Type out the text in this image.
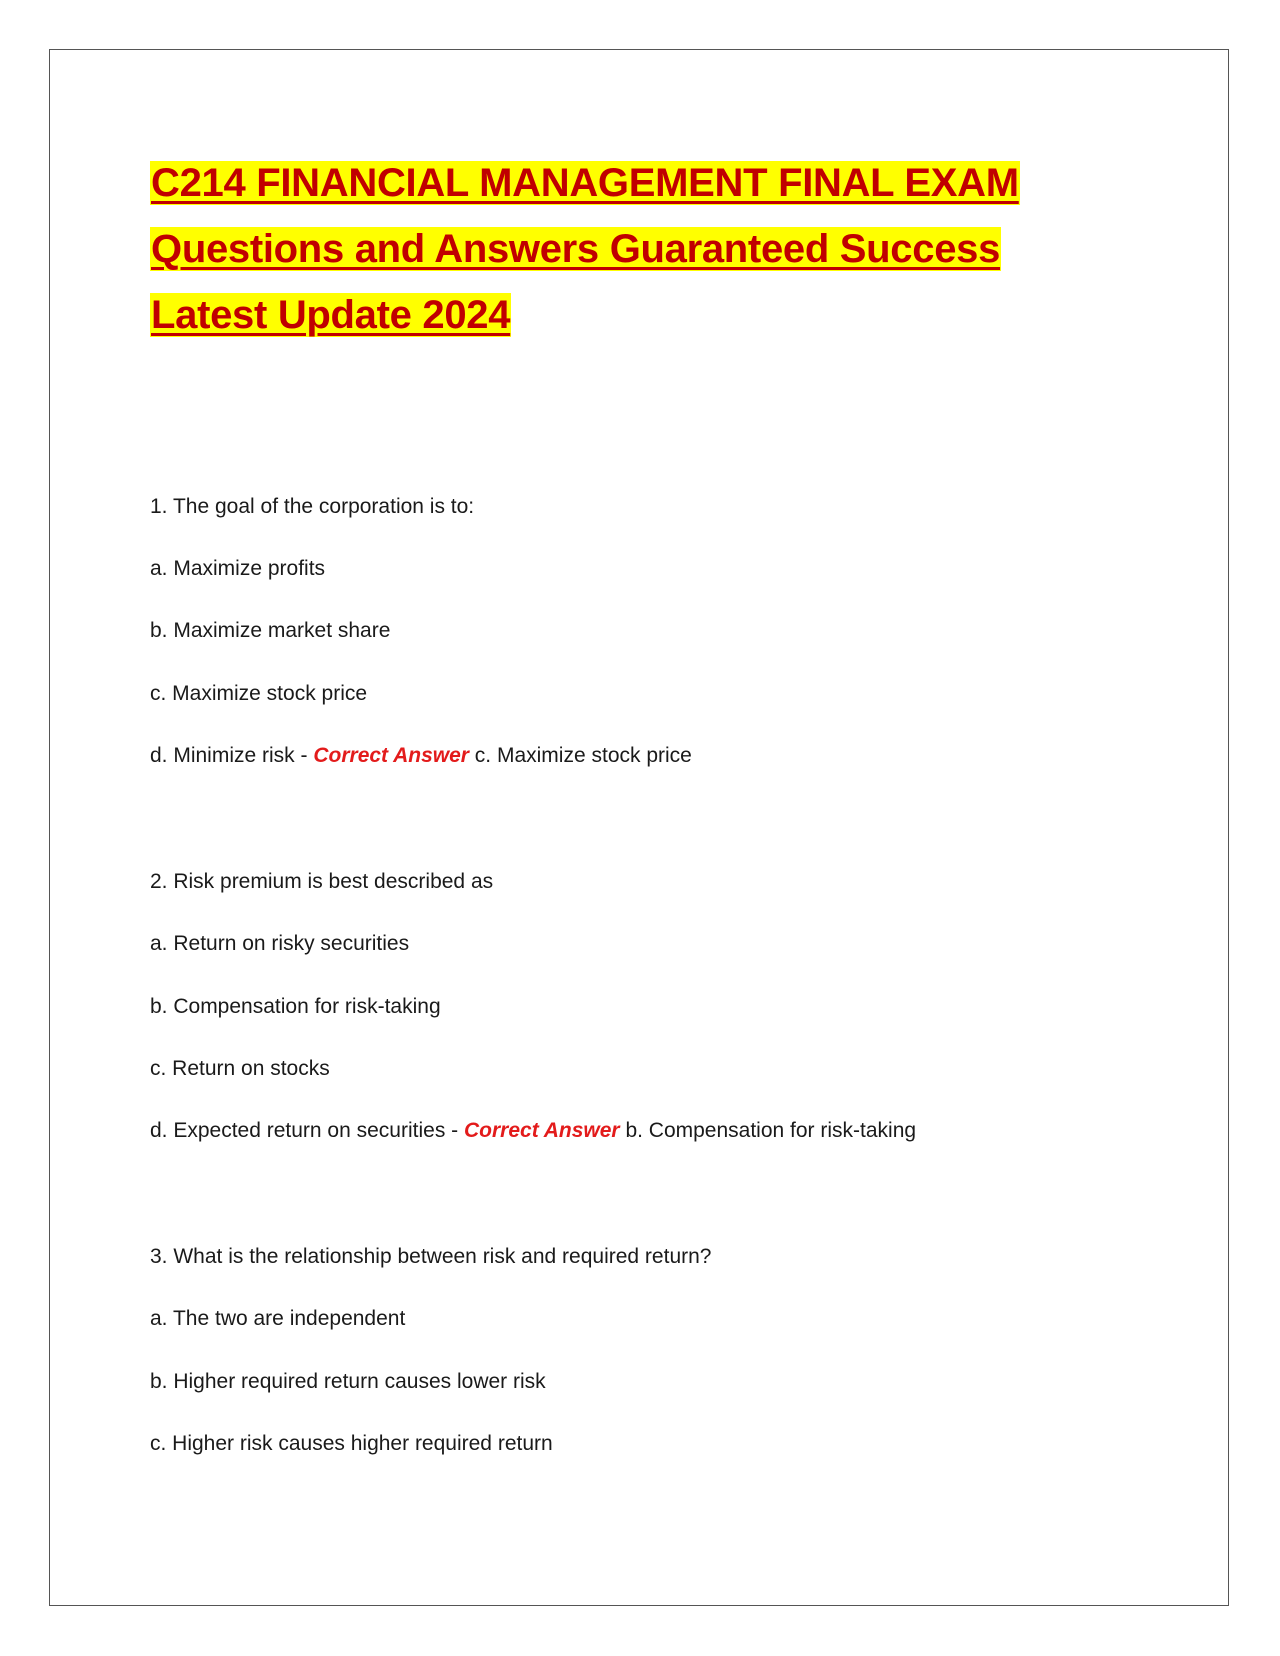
C214 FINANCIAL MANAGEMENT FINAL EXAM
Questions and Answers Guaranteed Success
Latest Update 2024
1. The goal of the corporation is to:
a. Maximize profits
b. Maximize market share
c. Maximize stock price
d. Minimize risk - Correct Answer c. Maximize stock price
2. Risk premium is best described as
a. Return on risky securities
b. Compensation for risk-taking
c. Return on stocks
d. Expected return on securities - Correct Answer b. Compensation for risk-taking
3. What is the relationship between risk and required return?
a. The two are independent
b. Higher required return causes lower risk
c. Higher risk causes higher required return
